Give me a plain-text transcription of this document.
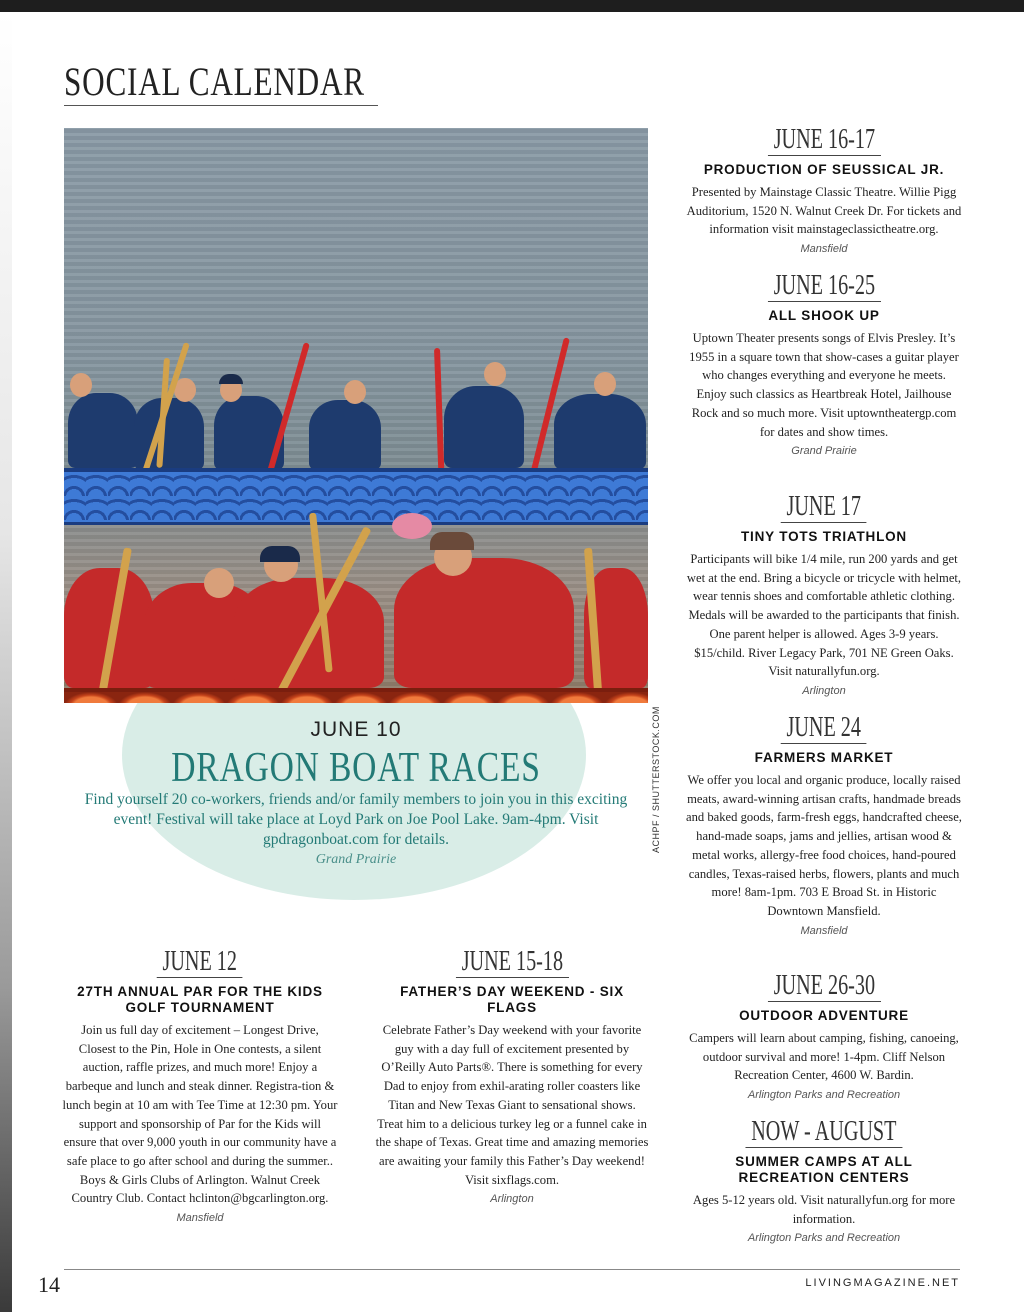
SOCIAL CALENDAR
ACHPF / SHUTTERSTOCK.COM
JUNE 10
DRAGON BOAT RACES
Find yourself 20 co-workers, friends and/or family members to join you in this exciting event! Festival will take place at Loyd Park on Joe Pool Lake. 9am-4pm. Visit gpdragonboat.com for details.
Grand Prairie
JUNE 16-17
PRODUCTION OF SEUSSICAL JR.
Presented by Mainstage Classic Theatre. Willie Pigg Auditorium, 1520 N. Walnut Creek Dr. For tickets and information visit mainstageclassictheatre.org.
Mansfield
JUNE 16-25
ALL SHOOK UP
Uptown Theater presents songs of Elvis Presley. It’s 1955 in a square town that show-cases a guitar player who changes everything and everyone he meets. Enjoy such classics as Heartbreak Hotel, Jailhouse Rock and so much more. Visit uptowntheatergp.com for dates and show times.
Grand Prairie
JUNE 17
TINY TOTS TRIATHLON
Participants will bike 1/4 mile, run 200 yards and get wet at the end. Bring a bicycle or tricycle with helmet, wear tennis shoes and comfortable athletic clothing. Medals will be awarded to the participants that finish. One parent helper is allowed. Ages 3-9 years. $15/child. River Legacy Park, 701 NE Green Oaks. Visit naturallyfun.org.
Arlington
JUNE 24
FARMERS MARKET
We offer you local and organic produce, locally raised meats, award-winning artisan crafts, handmade breads and baked goods, farm-fresh eggs, handcrafted cheese, hand-made soaps, jams and jellies, artisan wood & metal works, allergy-free food choices, hand-poured candles, Texas-raised herbs, flowers, plants and much more! 8am-1pm. 703 E Broad St. in Historic Downtown Mansfield.
Mansfield
JUNE 26-30
OUTDOOR ADVENTURE
Campers will learn about camping, fishing, canoeing, outdoor survival and more! 1-4pm. Cliff Nelson Recreation Center, 4600 W. Bardin.
Arlington Parks and Recreation
NOW - AUGUST
SUMMER CAMPS AT ALL RECREATION CENTERS
Ages 5-12 years old. Visit naturallyfun.org for more information.
Arlington Parks and Recreation
JUNE 12
27TH ANNUAL PAR FOR THE KIDS GOLF TOURNAMENT
Join us full day of excitement – Longest Drive, Closest to the Pin, Hole in One contests, a silent auction, raffle prizes, and much more! Enjoy a barbeque and lunch and steak dinner. Registra-tion & lunch begin at 10 am with Tee Time at 12:30 pm. Your support and sponsorship of Par for the Kids will ensure that over 9,000 youth in our community have a safe place to go after school and during the summer.. Boys & Girls Clubs of Arlington. Walnut Creek Country Club. Contact hclinton@bgcarlington.org.
Mansfield
JUNE 15-18
FATHER’S DAY WEEKEND - SIX FLAGS
Celebrate Father’s Day weekend with your favorite guy with a day full of excitement presented by O’Reilly Auto Parts®. There is something for every Dad to enjoy from exhil-arating roller coasters like Titan and New Texas Giant to sensational shows. Treat him to a delicious turkey leg or a funnel cake in the shape of Texas. Great time and amazing memories are awaiting your family this Father’s Day weekend! Visit sixflags.com.
Arlington
14	LIVINGMAGAZINE.NET
